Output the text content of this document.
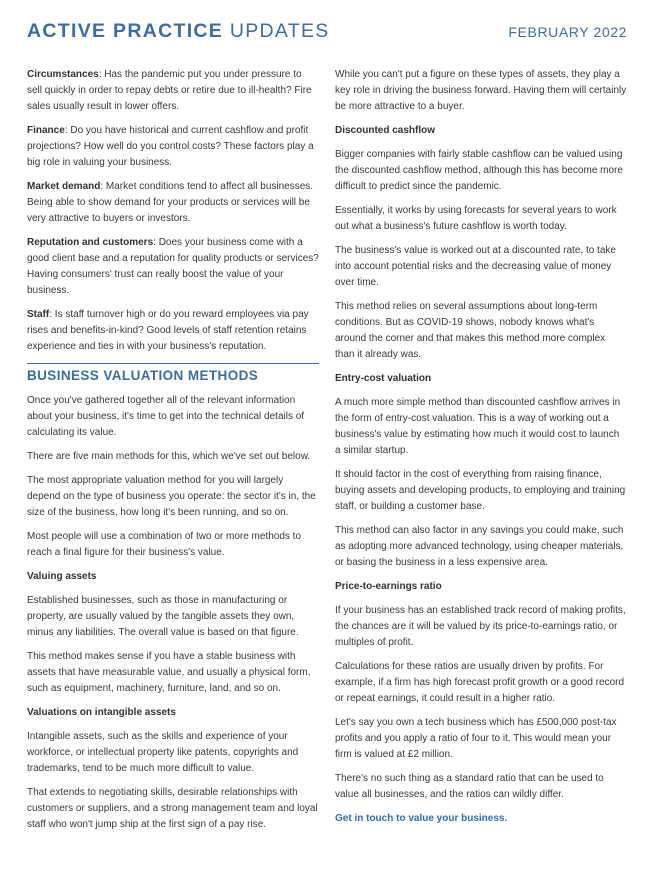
ACTIVE PRACTICE UPDATES	FEBRUARY 2022

Circumstances: Has the pandemic put you under pressure to sell quickly in order to repay debts or retire due to ill-health? Fire sales usually result in lower offers.

Finance: Do you have historical and current cashflow and profit projections? How well do you control costs? These factors play a big role in valuing your business.

Market demand: Market conditions tend to affect all businesses. Being able to show demand for your products or services will be very attractive to buyers or investors.

Reputation and customers: Does your business come with a good client base and a reputation for quality products or services? Having consumers' trust can really boost the value of your business.

Staff: Is staff turnover high or do you reward employees via pay rises and benefits-in-kind? Good levels of staff retention retains experience and ties in with your business's reputation.

BUSINESS VALUATION METHODS

Once you've gathered together all of the relevant information about your business, it's time to get into the technical details of calculating its value.

There are five main methods for this, which we've set out below.

The most appropriate valuation method for you will largely depend on the type of business you operate: the sector it's in, the size of the business, how long it's been running, and so on.

Most people will use a combination of two or more methods to reach a final figure for their business's value.

Valuing assets

Established businesses, such as those in manufacturing or property, are usually valued by the tangible assets they own, minus any liabilities. The overall value is based on that figure.

This method makes sense if you have a stable business with assets that have measurable value, and usually a physical form, such as equipment, machinery, furniture, land, and so on.

Valuations on intangible assets

Intangible assets, such as the skills and experience of your workforce, or intellectual property like patents, copyrights and trademarks, tend to be much more difficult to value.

That extends to negotiating skills, desirable relationships with customers or suppliers, and a strong management team and loyal staff who won't jump ship at the first sign of a pay rise.

While you can't put a figure on these types of assets, they play a key role in driving the business forward. Having them will certainly be more attractive to a buyer.

Discounted cashflow

Bigger companies with fairly stable cashflow can be valued using the discounted cashflow method, although this has become more difficult to predict since the pandemic.

Essentially, it works by using forecasts for several years to work out what a business's future cashflow is worth today.

The business's value is worked out at a discounted rate, to take into account potential risks and the decreasing value of money over time.

This method relies on several assumptions about long-term conditions. But as COVID-19 shows, nobody knows what's around the corner and that makes this method more complex than it already was.

Entry-cost valuation

A much more simple method than discounted cashflow arrives in the form of entry-cost valuation. This is a way of working out a business's value by estimating how much it would cost to launch a similar startup.

It should factor in the cost of everything from raising finance, buying assets and developing products, to employing and training staff, or building a customer base.

This method can also factor in any savings you could make, such as adopting more advanced technology, using cheaper materials, or basing the business in a less expensive area.

Price-to-earnings ratio

If your business has an established track record of making profits, the chances are it will be valued by its price-to-earnings ratio, or multiples of profit.

Calculations for these ratios are usually driven by profits. For example, if a firm has high forecast profit growth or a good record or repeat earnings, it could result in a higher ratio.

Let's say you own a tech business which has £500,000 post-tax profits and you apply a ratio of four to it. This would mean your firm is valued at £2 million.

There's no such thing as a standard ratio that can be used to value all businesses, and the ratios can wildly differ.

Get in touch to value your business.
